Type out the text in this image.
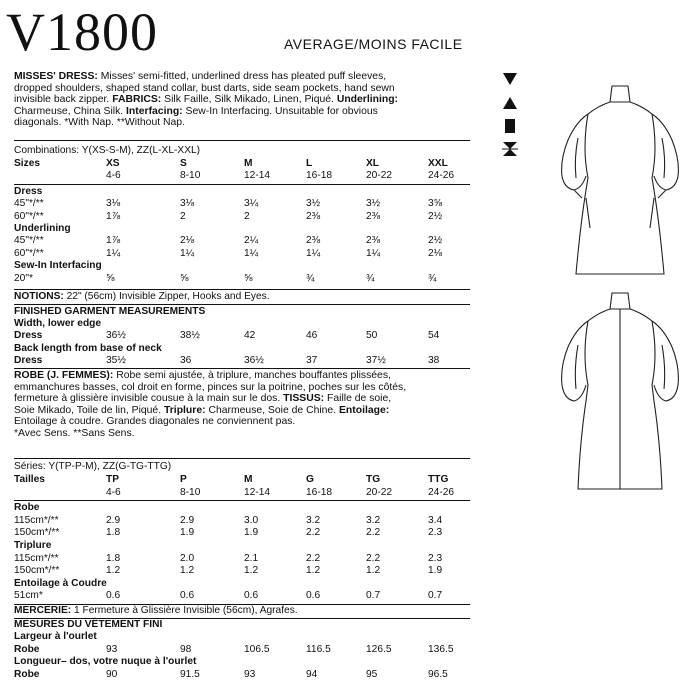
V1800	AVERAGE/MOINS FACILE
MISSES' DRESS: Misses' semi-fitted, underlined dress has pleated puff sleeves,
dropped shoulders, shaped stand collar, bust darts, side seam pockets, hand sewn
invisible back zipper. FABRICS: Silk Faille, Silk Mikado, Linen, Piqué. Underlining:
Charmeuse, China Silk. Interfacing: Sew-In Interfacing. Unsuitable for obvious
diagonals. *With Nap. **Without Nap.
Combinations: Y(XS-S-M), ZZ(L-XL-XXL)
Sizes	XS	S	M	L	XL	XXL
4-6	8-10	12-14	16-18	20-22	24-26
Dress
45"*/**	3⅛	3⅛	3¼	3½	3½	3⅝
60"*/**	1⅞	2	2	2⅜	2⅜	2½
Underlining
45"*/**	1⅞	2⅛	2¼	2⅜	2⅜	2½
60"*/**	1¼	1¼	1¼	1¼	1¼	2⅛
Sew-In Interfacing
20"*	⅝	⅝	⅝	¾	¾	¾
NOTIONS: 22" (56cm) Invisible Zipper, Hooks and Eyes.
FINISHED GARMENT MEASUREMENTS
Width, lower edge
Dress	36½	38½	42	46	50	54
Back length from base of neck
Dress	35½	36	36½	37	37½	38
ROBE (J. FEMMES): Robe semi ajustée, à triplure, manches bouffantes plissées,
emmanchures basses, col droit en forme, pinces sur la poitrine, poches sur les côtés,
fermeture à glissière invisible cousue à la main sur le dos. TISSUS: Faille de soie,
Soie Mikado, Toile de lin, Piqué. Triplure: Charmeuse, Soie de Chine. Entoilage:
Entoilage à coudre. Grandes diagonales ne conviennent pas.
*Avec Sens. **Sans Sens.
Séries: Y(TP-P-M), ZZ(G-TG-TTG)
Tailles	TP	P	M	G	TG	TTG
4-6	8-10	12-14	16-18	20-22	24-26
Robe
115cm*/**	2.9	2.9	3.0	3.2	3.2	3.4
150cm*/**	1.8	1.9	1.9	2.2	2.2	2.3
Triplure
115cm*/**	1.8	2.0	2.1	2.2	2.2	2.3
150cm*/**	1.2	1.2	1.2	1.2	1.2	1.9
Entoilage à Coudre
51cm*	0.6	0.6	0.6	0.6	0.7	0.7
MERCERIE: 1 Fermeture à Glissière Invisible (56cm), Agrafes.
MESURES DU VÊTEMENT FINI
Largeur à l'ourlet
Robe	93	98	106.5	116.5	126.5	136.5
Longueur– dos, votre nuque à l'ourlet
Robe	90	91.5	93	94	95	96.5
